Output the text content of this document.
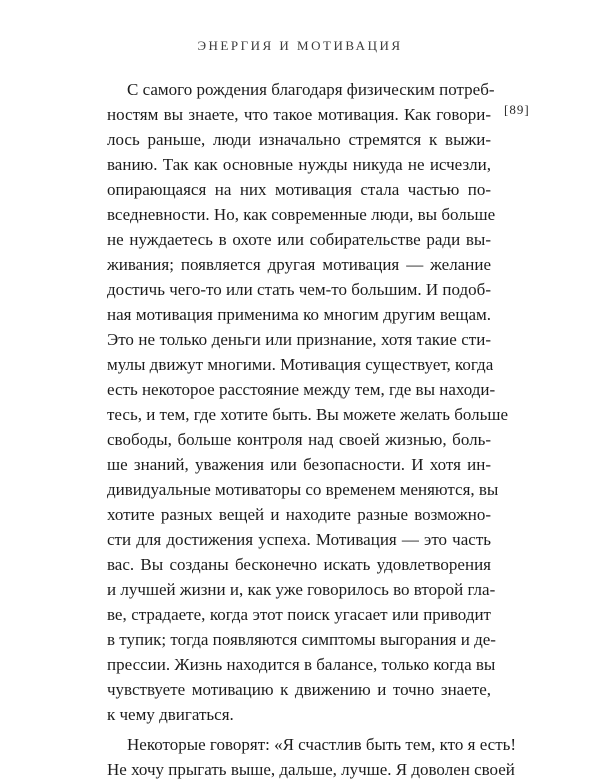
ЭНЕРГИЯ И МОТИВАЦИЯ
[89]
С самого рождения благодаря физическим потреб-
ностям вы знаете, что такое мотивация. Как говори-
лось раньше, люди изначально стремятся к выжи-
ванию. Так как основные нужды никуда не исчезли,
опирающаяся на них мотивация стала частью по-
вседневности. Но, как современные люди, вы больше
не нуждаетесь в охоте или собирательстве ради вы-
живания; появляется другая мотивация — желание
достичь чего-то или стать чем-то большим. И подоб-
ная мотивация применима ко многим другим вещам.
Это не только деньги или признание, хотя такие сти-
мулы движут многими. Мотивация существует, когда
есть некоторое расстояние между тем, где вы находи-
тесь, и тем, где хотите быть. Вы можете желать больше
свободы, больше контроля над своей жизнью, боль-
ше знаний, уважения или безопасности. И хотя ин-
дивидуальные мотиваторы со временем меняются, вы
хотите разных вещей и находите разные возможно-
сти для достижения успеха. Мотивация — это часть
вас. Вы созданы бесконечно искать удовлетворения
и лучшей жизни и, как уже говорилось во второй гла-
ве, страдаете, когда этот поиск угасает или приводит
в тупик; тогда появляются симптомы выгорания и де-
прессии. Жизнь находится в балансе, только когда вы
чувствуете мотивацию к движению и точно знаете,
к чему двигаться.
Некоторые говорят: «Я счастлив быть тем, кто я есть!
Не хочу прыгать выше, дальше, лучше. Я доволен своей
